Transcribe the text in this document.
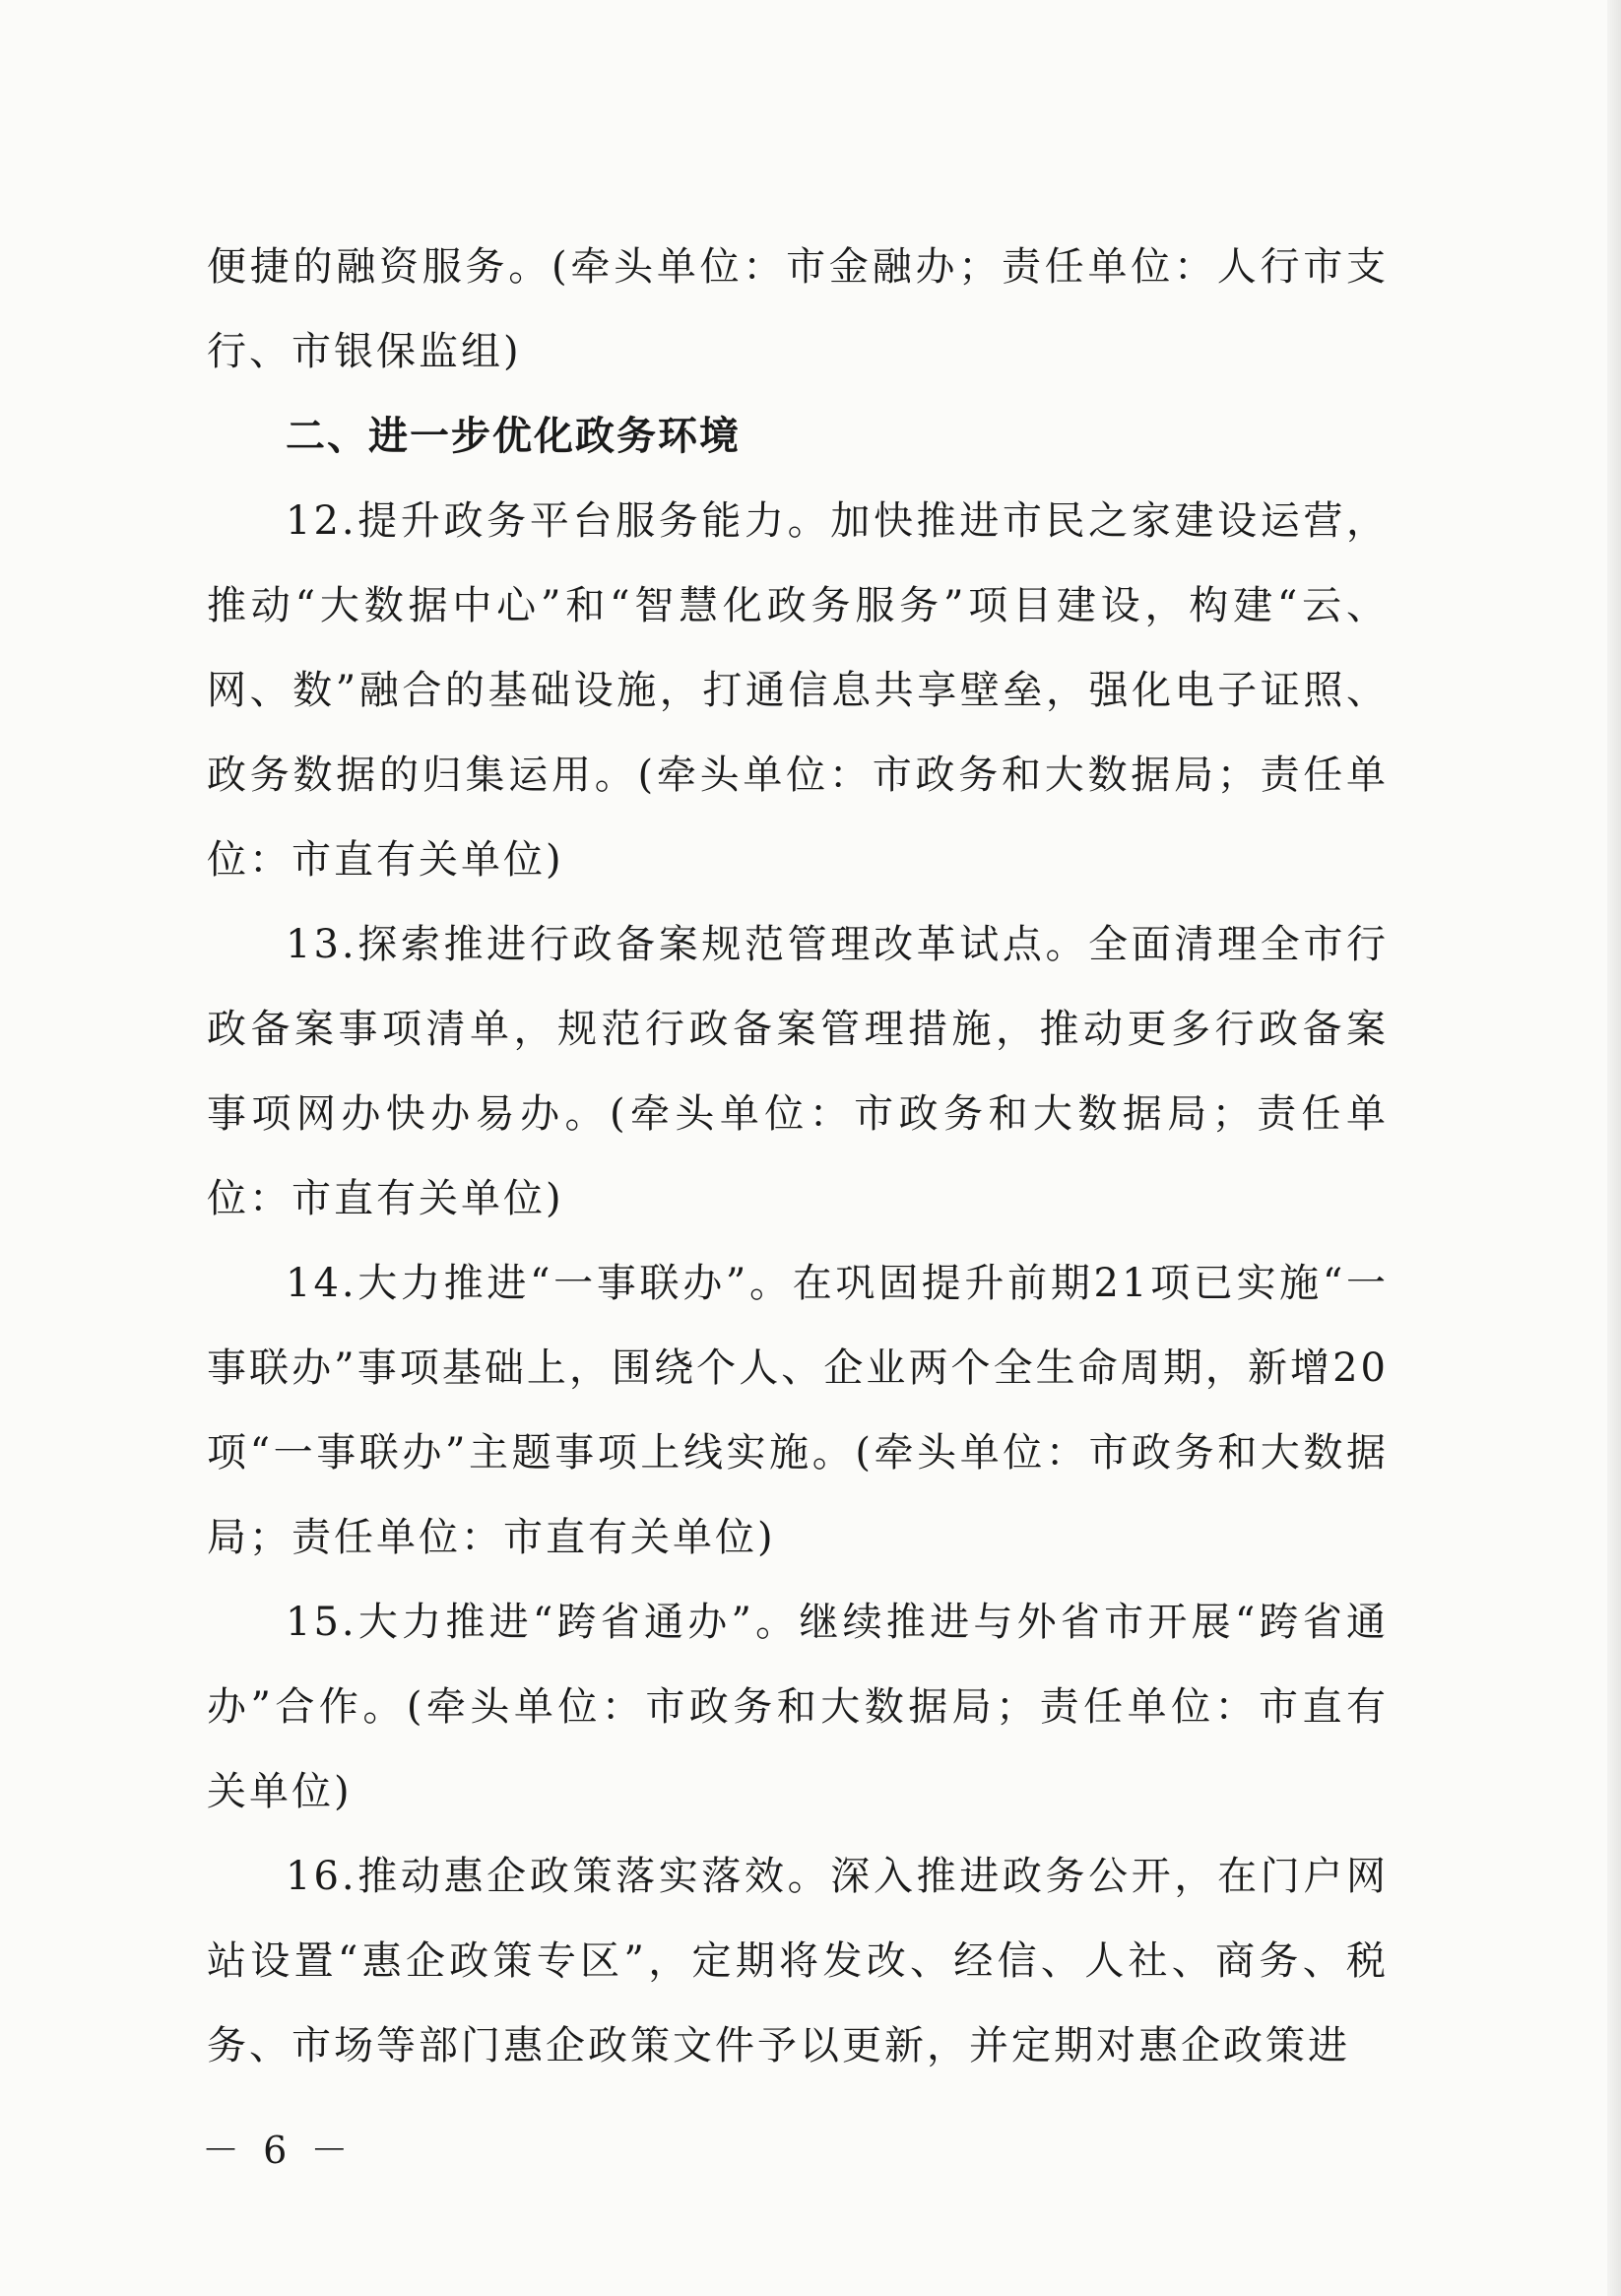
便捷的融资服务。(牵头单位：市金融办；责任单位：人行市支行、市银保监组)

二、进一步优化政务环境

12.提升政务平台服务能力。加快推进市民之家建设运营，推动“大数据中心”和“智慧化政务服务”项目建设，构建“云、网、数”融合的基础设施，打通信息共享壁垒，强化电子证照、政务数据的归集运用。(牵头单位：市政务和大数据局；责任单位：市直有关单位)

13.探索推进行政备案规范管理改革试点。全面清理全市行政备案事项清单，规范行政备案管理措施，推动更多行政备案事项网办快办易办。(牵头单位：市政务和大数据局；责任单位：市直有关单位)

14.大力推进“一事联办”。在巩固提升前期21项已实施“一事联办”事项基础上，围绕个人、企业两个全生命周期，新增20项“一事联办”主题事项上线实施。(牵头单位：市政务和大数据局；责任单位：市直有关单位)

15.大力推进“跨省通办”。继续推进与外省市开展“跨省通办”合作。(牵头单位：市政务和大数据局；责任单位：市直有关单位)

16.推动惠企政策落实落效。深入推进政务公开，在门户网站设置“惠企政策专区”，定期将发改、经信、人社、商务、税务、市场等部门惠企政策文件予以更新，并定期对惠企政策进

－ 6 －
